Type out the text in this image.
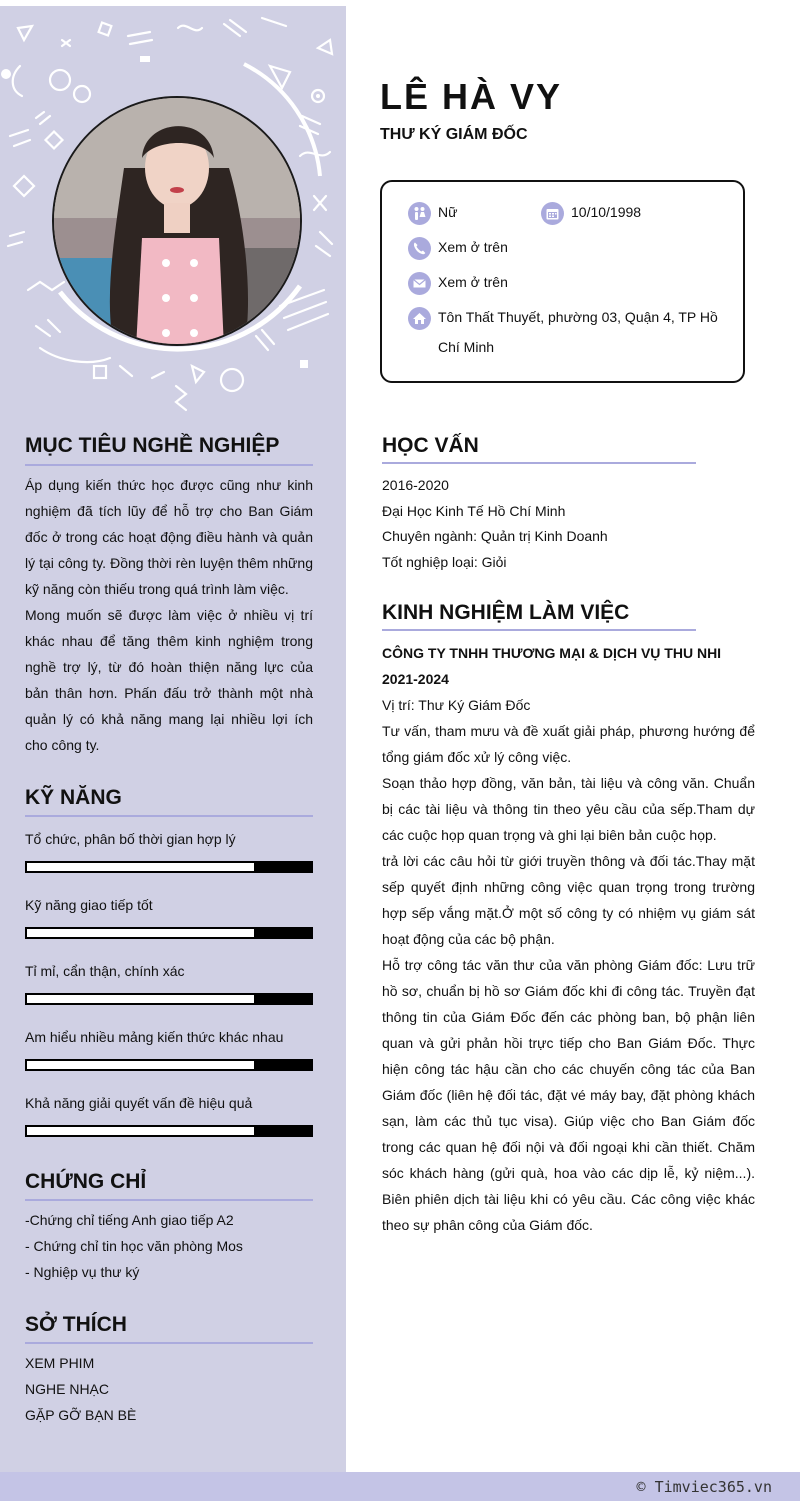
MỤC TIÊU NGHỀ NGHIỆP
Áp dụng kiến thức học được cũng như kinh nghiệm đã tích lũy để hỗ trợ cho Ban Giám đốc ở trong các hoạt động điều hành và quản lý tại công ty. Đồng thời rèn luyện thêm những kỹ năng còn thiếu trong quá trình làm việc.
Mong muốn sẽ được làm việc ở nhiều vị trí khác nhau để tăng thêm kinh nghiệm trong nghề trợ lý, từ đó hoàn thiện năng lực của bản thân hơn. Phấn đấu trở thành một nhà quản lý có khả năng mang lại nhiều lợi ích cho công ty.
KỸ NĂNG
Tổ chức, phân bố thời gian hợp lý
Kỹ năng giao tiếp tốt
Tỉ mỉ, cẩn thận, chính xác
Am hiểu nhiều mảng kiến thức khác nhau
Khả năng giải quyết vấn đề hiệu quả
CHỨNG CHỈ
-Chứng chỉ tiếng Anh giao tiếp A2
- Chứng chỉ tin học văn phòng Mos
- Nghiệp vụ thư ký
SỞ THÍCH
XEM PHIM
NGHE NHẠC
GẶP GỠ BẠN BÈ
LÊ HÀ VY
THƯ KÝ GIÁM ĐỐC
Nữ	10/10/1998
Xem ở trên
Xem ở trên
Tôn Thất Thuyết, phường 03, Quận 4, TP Hồ Chí Minh
HỌC VẤN
2016-2020
Đại Học Kinh Tế Hồ Chí Minh
Chuyên ngành: Quản trị Kinh Doanh
Tốt nghiệp loại: Giỏi
KINH NGHIỆM LÀM VIỆC
CÔNG TY TNHH THƯƠNG MẠI & DỊCH VỤ THU NHI
2021-2024
Vị trí: Thư Ký Giám Đốc
Tư vấn, tham mưu và đề xuất giải pháp, phương hướng để tổng giám đốc xử lý công việc.
Soạn thảo hợp đồng, văn bản, tài liệu và công văn. Chuẩn bị các tài liệu và thông tin theo yêu cầu của sếp.Tham dự các cuộc họp quan trọng và ghi lại biên bản cuộc họp.
trả lời các câu hỏi từ giới truyền thông và đối tác.Thay mặt sếp quyết định những công việc quan trọng trong trường hợp sếp vắng mặt.Ở một số công ty có nhiệm vụ giám sát hoạt động của các bộ phận.
Hỗ trợ công tác văn thư của văn phòng Giám đốc: Lưu trữ hồ sơ, chuẩn bị hồ sơ Giám đốc khi đi công tác. Truyền đạt thông tin của Giám Đốc đến các phòng ban, bộ phận liên quan và gửi phản hồi trực tiếp cho Ban Giám Đốc. Thực hiện công tác hậu cần cho các chuyến công tác của Ban Giám đốc (liên hệ đối tác, đặt vé máy bay, đặt phòng khách sạn, làm các thủ tục visa). Giúp việc cho Ban Giám đốc trong các quan hệ đối nội và đối ngoại khi cần thiết. Chăm sóc khách hàng (gửi quà, hoa vào các dịp lễ, kỷ niệm...). Biên phiên dịch tài liệu khi có yêu cầu. Các công việc khác theo sự phân công của Giám đốc.
© Timviec365.vn
